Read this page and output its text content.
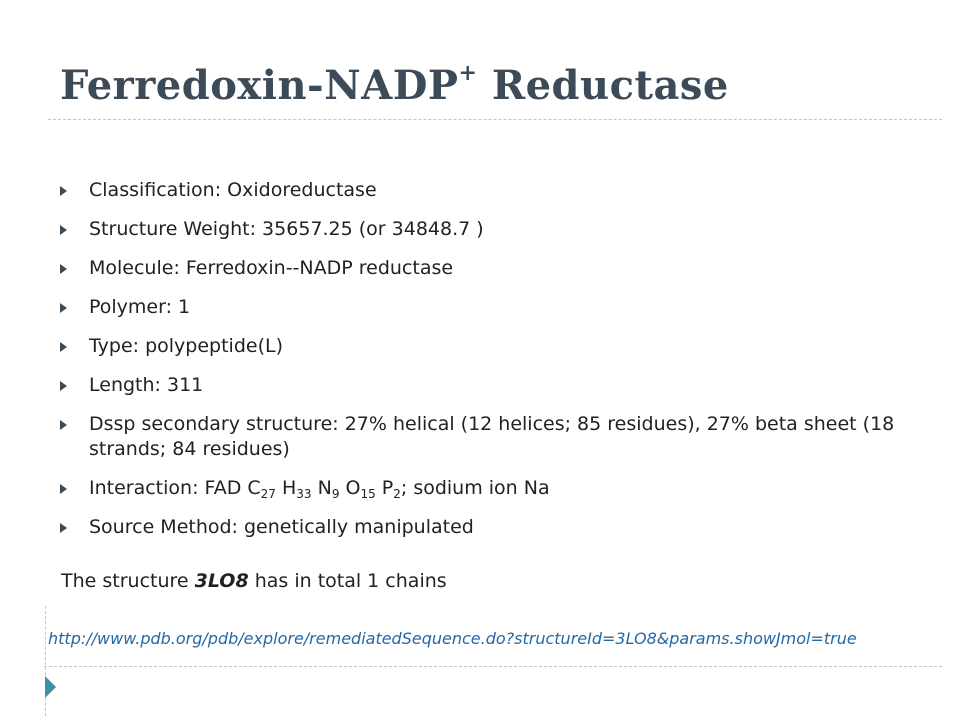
Ferredoxin-NADP+ Reductase
Classification: Oxidoreductase
Structure Weight: 35657.25 (or 34848.7 )
Molecule: Ferredoxin--NADP reductase
Polymer: 1
Type: polypeptide(L)
Length: 311
Dssp secondary structure: 27% helical (12 helices; 85 residues), 27% beta sheet (18 strands; 84 residues)
Interaction: FAD $C_{27}$ $H_{33}$ $N_9$ $O_{15}$ $P_2$; sodium ion Na
Source Method: genetically manipulated
The structure 3LO8 has in total 1 chains
http://www.pdb.org/pdb/explore/remediatedSequence.do?structureId=3LO8&params.showJmol=true
